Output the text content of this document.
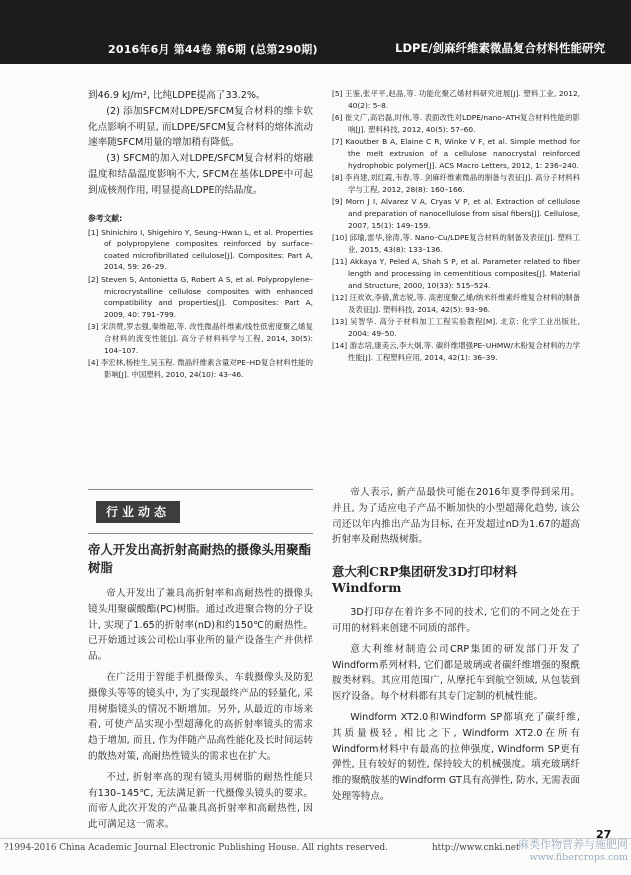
2016年6月 第44卷 第6期 (总第290期)	LDPE/剑麻纤维素微晶复合材料性能研究

到46.9 kJ/m², 比纯LDPE提高了33.2%。

(2) 添加SFCM对LDPE/SFCM复合材料的维卡软化点影响不明显, 而LDPE/SFCM复合材料的熔体流动速率随SFCM用量的增加稍有降低。

(3) SFCM的加入对LDPE/SFCM复合材料的熔融温度和结晶温度影响不大, SFCM在基体LDPE中可起到成核剂作用, 明显提高LDPE的结晶度。

参考文献:

[1] Shinichiro I, Shigehiro Y, Seung–Hwan L, et al. Properties of polypropylene composites reinforced by surface–coated microfibrillated cellulose[J]. Composites: Part A, 2014, 59: 26–29.

[2] Steven S, Antonietta G, Robert A S, et al. Polypropylene–microcrystalline cellulose composites with enhanced compatibility and properties[J]. Composites: Part A, 2009, 40: 791–799.

[3] 宋洪赞,罗志强,秦维超,等. 改性微晶纤维素/线性低密度聚乙烯复合材料的流变性能[J]. 高分子材料科学与工程, 2014, 30(5): 104–107.

[4] 李宏林,杨桂生,吴玉程. 微晶纤维素含量对PE–HD复合材料性能的影响[J]. 中国塑料, 2010, 24(10): 43–46.

[5] 王鉴,张平平,赵晶,等. 功能化聚乙烯材料研究进展[J]. 塑料工业, 2012, 40(2): 5–8.

[6] 崔文广,高岩磊,时伟,等. 表面改性对LDPE/nano–ATH复合材料性能的影响[J]. 塑料科技, 2012, 40(5): 57–60.

[7] Kaoutber B A, Elaine C R, Winke V F, et al. Simple method for the melt extrusion of a cellulose nanocrystal reinforced hydrophobic polymer[J]. ACS Macro Letters, 2012, 1: 236–240.

[8] 李肖建,刘红霞,韦春,等. 剑麻纤维素微晶的制备与表征[J]. 高分子材料科学与工程, 2012, 28(8): 160–166.

[9] Morn J I, Alvarez V A, Cryas V P, et al. Extraction of cellulose and preparation of nanocellulose from sisal fibers[J]. Cellulose, 2007, 15(1): 149–159.

[10] 邱瑜,雷华,徐涛,等. Nano–Cu/LDPE复合材料的制备及表征[J]. 塑料工业, 2015, 43(8): 133–136.

[11] Akkaya Y, Peled A, Shah S P, et al. Parameter related to fiber length and processing in cementitious composites[J]. Material and Structure, 2000, 10(33): 515–524.

[12] 汪欢欢,李倩,黄志锐,等. 高密度聚乙烯/纳米纤维素纤维复合材料的制备及表征[J]. 塑料科技, 2014, 42(5): 93–96.

[13] 吴智华. 高分子材料加工工程实验教程[M]. 北京: 化学工业出版社, 2004: 49–50.

[14] 游志培,康美云,李大炯,等. 碳纤维增强PE–UHMW/木粉复合材料的力学性能[J]. 工程塑料应用, 2014, 42(1): 36–39.

行业动态

帝人开发出高折射高耐热的摄像头用聚酯树脂

帝人开发出了兼具高折射率和高耐热性的摄像头镜头用聚碳酸酯(PC)树脂。通过改进聚合物的分子设计, 实现了1.65的折射率(nD)和约150℃的耐热性。已开始通过该公司松山事业所的量产设备生产并供样品。

在广泛用于智能手机摄像头、车载摄像头及防犯摄像头等等的镜头中, 为了实现最终产品的轻量化, 采用树脂镜头的情况不断增加。另外, 从最近的市场来看, 可使产品实现小型超薄化的高折射率镜头的需求趋于增加, 而且, 作为伴随产品高性能化及长时间运转的散热对策, 高耐热性镜头的需求也在扩大。

不过, 折射率高的现有镜头用树脂的耐热性能只有130–145℃, 无法满足新一代摄像头镜头的要求。而帝人此次开发的产品兼具高折射率和高耐热性, 因此可满足这一需求。

帝人表示, 新产品最快可能在2016年夏季得到采用。并且, 为了适应电子产品不断加快的小型超薄化趋势, 该公司还以年内推出产品为目标, 在开发超过nD为1.67的超高折射率及耐热级树脂。

意大利CRP集团研发3D打印材料Windform

3D打印存在着许多不同的技术, 它们的不同之处在于可用的材料来创建不同质的部件。

意大利维材制造公司CRP集团的研发部门开发了Windform系列材料, 它们都是玻璃或者碳纤维增强的聚酰胺类材料。其应用范围广, 从摩托车到航空领域, 从包装到医疗设备。每个材料都有其专门定制的机械性能。

Windform XT2.0和Windform SP都填充了碳纤维, 其质量极轻, 相比之下, Windform XT2.0在所有Windform材料中有最高的拉伸强度, Windform SP更有弹性, 且有较好的韧性, 保持较大的机械强度。填充玻璃纤维的聚酰胺基的Windform GT具有高弹性, 防水, 无需表面处理等特点。

27
?1994-2016 China Academic Journal Electronic Publishing House. All rights reserved.	http://www.cnki.net
麻类作物营养与施肥网
www.fibercrops.com
